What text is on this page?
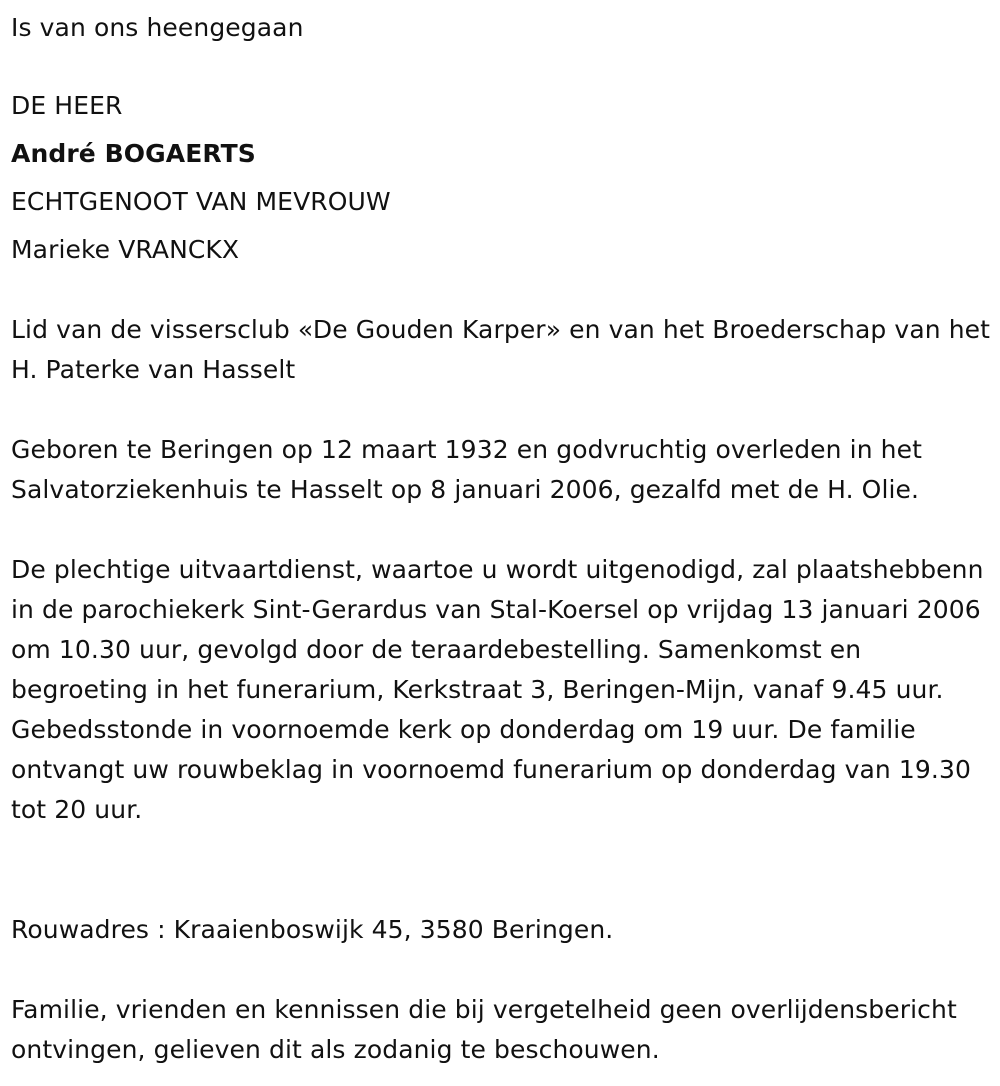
Is van ons heengegaan
DE HEER
André BOGAERTS
ECHTGENOOT VAN MEVROUW
Marieke VRANCKX

Lid van de vissersclub «De Gouden Karper» en van het Broederschap van het H. Paterke van Hasselt

Geboren te Beringen op 12 maart 1932 en godvruchtig overleden in het Salvatorziekenhuis te Hasselt op 8 januari 2006, gezalfd met de H. Olie.

De plechtige uitvaartdienst, waartoe u wordt uitgenodigd, zal plaatshebbenn in de parochiekerk Sint-Gerardus van Stal-Koersel op vrijdag 13 januari 2006 om 10.30 uur, gevolgd door de teraardebestelling. Samenkomst en begroeting in het funerarium, Kerkstraat 3, Beringen-Mijn, vanaf 9.45 uur. Gebedsstonde in voornoemde kerk op donderdag om 19 uur. De familie ontvangt uw rouwbeklag in voornoemd funerarium op donderdag van 19.30 tot 20 uur.

Rouwadres : Kraaienboswijk 45, 3580 Beringen.

Familie, vrienden en kennissen die bij vergetelheid geen overlijdensbericht ontvingen, gelieven dit als zodanig te beschouwen.
